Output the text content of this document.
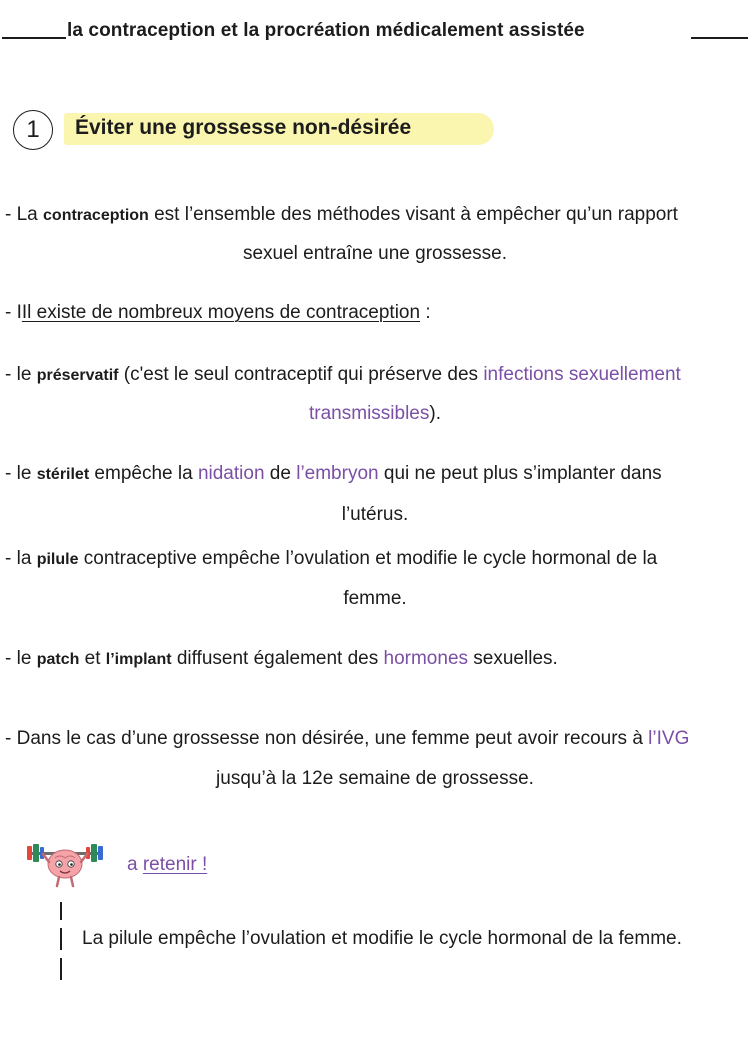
la contraception et la procréation médicalement assistée
1	Éviter une grossesse non-désirée
- La contraception est l’ensemble des méthodes visant à empêcher qu’un rapport
sexuel entraîne une grossesse.
- IIl existe de nombreux moyens de contraception :
- le préservatif (c'est le seul contraceptif qui préserve des infections sexuellement
transmissibles).
- le stérilet empêche la nidation de l’embryon qui ne peut plus s’implanter dans
l’utérus.
- la pilule contraceptive empêche l’ovulation et modifie le cycle hormonal de la
femme.
- le patch et l’implant diffusent également des hormones sexuelles.
- Dans le cas d’une grossesse non désirée, une femme peut avoir recours à l’IVG
jusqu’à la 12e semaine de grossesse.
a retenir !
La pilule empêche l’ovulation et modifie le cycle hormonal de la femme.
